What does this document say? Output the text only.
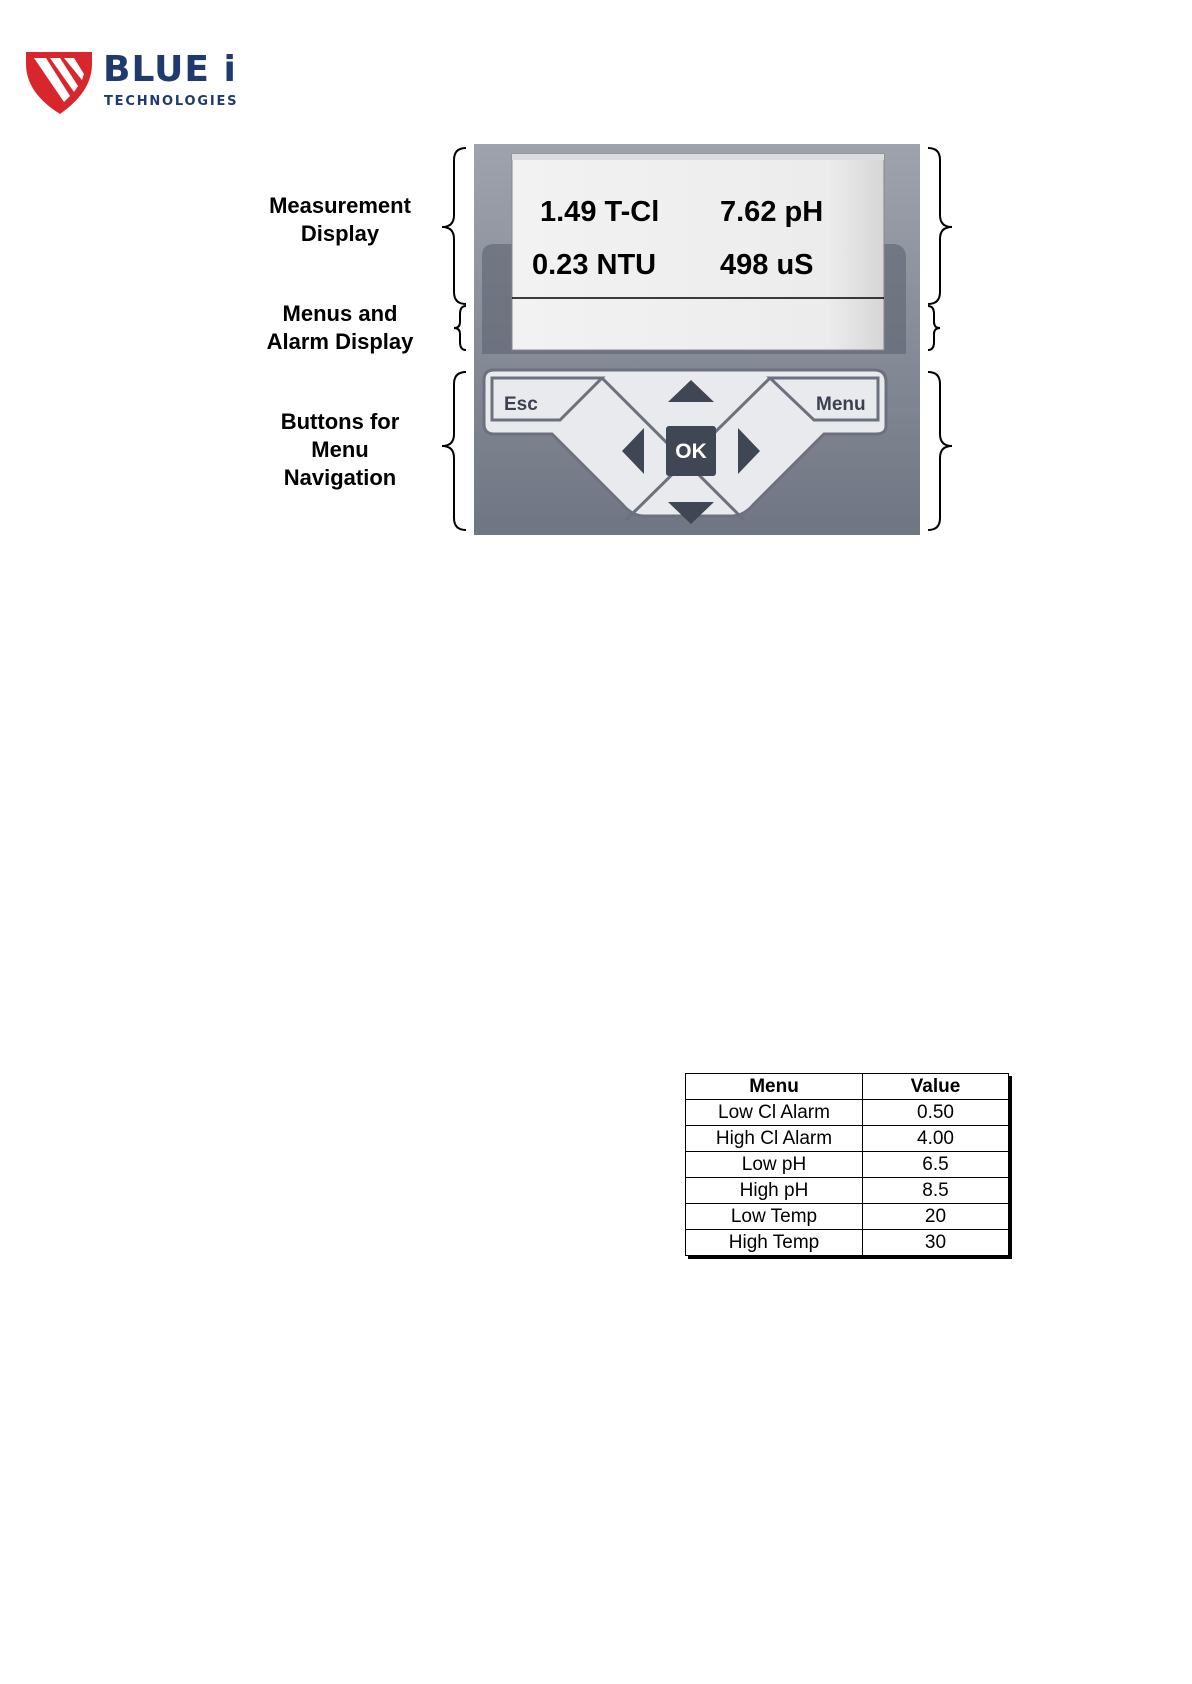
BLUE i
TECHNOLOGIES
Measurement
Display
Menus and
Alarm Display
Buttons for
Menu
Navigation
1.49 T-Cl 7.62 pH
0.23 NTU 498 uS
Esc	Menu
OK
Menu	Value
Low Cl Alarm	0.50
High Cl Alarm	4.00
Low pH	6.5
High pH	8.5
Low Temp	20
High Temp	30
